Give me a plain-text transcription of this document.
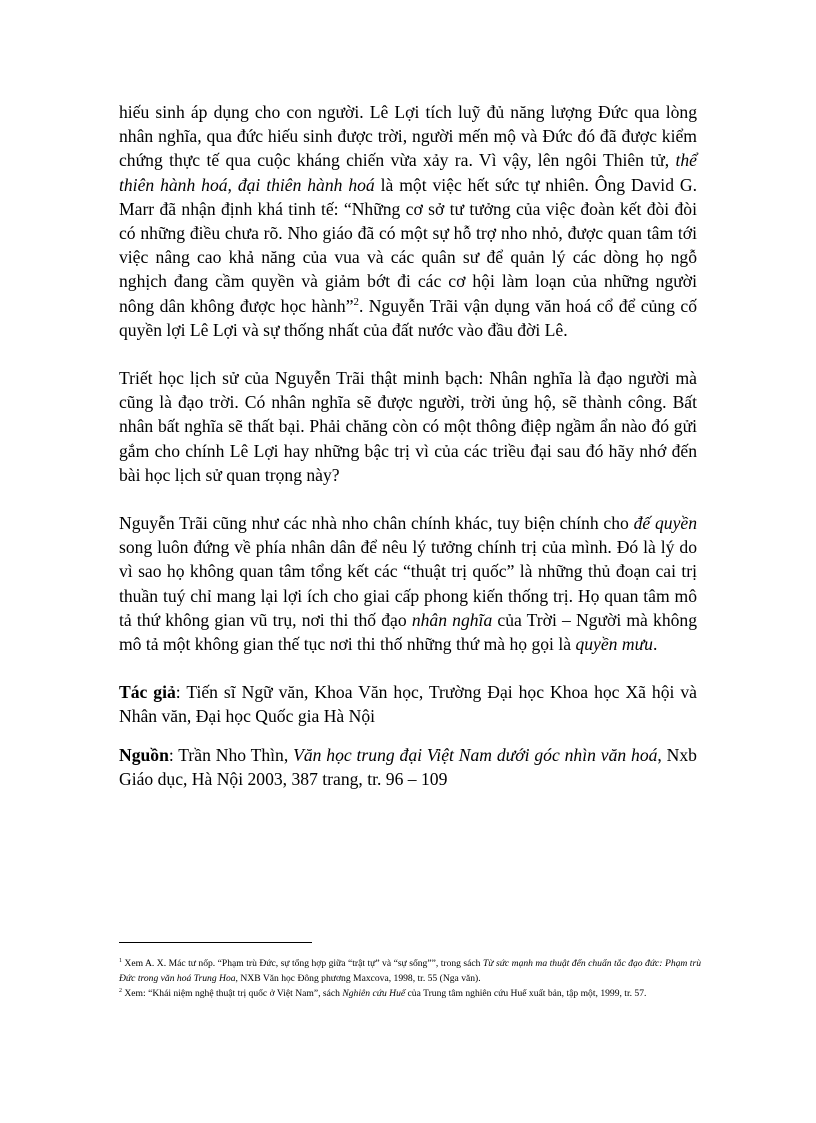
hiếu sinh áp dụng cho con người. Lê Lợi tích luỹ đủ năng lượng Đức qua lòng nhân nghĩa, qua đức hiếu sinh được trời, người mến mộ và Đức đó đã được kiểm chứng thực tế qua cuộc kháng chiến vừa xảy ra. Vì vậy, lên ngôi Thiên tử, thể thiên hành hoá, đại thiên hành hoá là một việc hết sức tự nhiên. Ông David G. Marr đã nhận định khá tinh tế: “Những cơ sở tư tưởng của việc đoàn kết đòi đòi có những điều chưa rõ. Nho giáo đã có một sự hỗ trợ nho nhỏ, được quan tâm tới việc nâng cao khả năng của vua và các quân sư để quản lý các dòng họ ngỗ nghịch đang cầm quyền và giảm bớt đi các cơ hội làm loạn của những người nông dân không được học hành”$^2$. Nguyễn Trãi vận dụng văn hoá cổ để củng cố quyền lợi Lê Lợi và sự thống nhất của đất nước vào đầu đời Lê.

Triết học lịch sử của Nguyễn Trãi thật minh bạch: Nhân nghĩa là đạo người mà cũng là đạo trời. Có nhân nghĩa sẽ được người, trời ủng hộ, sẽ thành công. Bất nhân bất nghĩa sẽ thất bại. Phải chăng còn có một thông điệp ngầm ẩn nào đó gửi gắm cho chính Lê Lợi hay những bậc trị vì của các triều đại sau đó hãy nhớ đến bài học lịch sử quan trọng này?

Nguyễn Trãi cũng như các nhà nho chân chính khác, tuy biện chính cho đế quyền song luôn đứng về phía nhân dân để nêu lý tưởng chính trị của mình. Đó là lý do vì sao họ không quan tâm tổng kết các “thuật trị quốc” là những thủ đoạn cai trị thuần tuý chỉ mang lại lợi ích cho giai cấp phong kiến thống trị. Họ quan tâm mô tả thứ không gian vũ trụ, nơi thi thố đạo nhân nghĩa của Trời – Người mà không mô tả một không gian thế tục nơi thi thố những thứ mà họ gọi là quyền mưu.

Tác giả: Tiến sĩ Ngữ văn, Khoa Văn học, Trường Đại học Khoa học Xã hội và Nhân văn, Đại học Quốc gia Hà Nội

Nguồn: Trần Nho Thìn, Văn học trung đại Việt Nam dưới góc nhìn văn hoá, Nxb Giáo dục, Hà Nội 2003, 387 trang, tr. 96 – 109

$^1$ Xem A. X. Mác tư nốp. “Phạm trù Đức, sự tổng hợp giữa “trật tự” và “sự sống””, trong sách Từ sức mạnh ma thuật đến chuẩn tắc đạo đức: Phạm trù Đức trong văn hoá Trung Hoa, NXB Văn học Đông phương Maxcova, 1998, tr. 55 (Nga văn).

$^2$ Xem: “Khái niệm nghệ thuật trị quốc ở Việt Nam”, sách Nghiên cứu Huế của Trung tâm nghiên cứu Huế xuất bản, tập một, 1999, tr. 57.
